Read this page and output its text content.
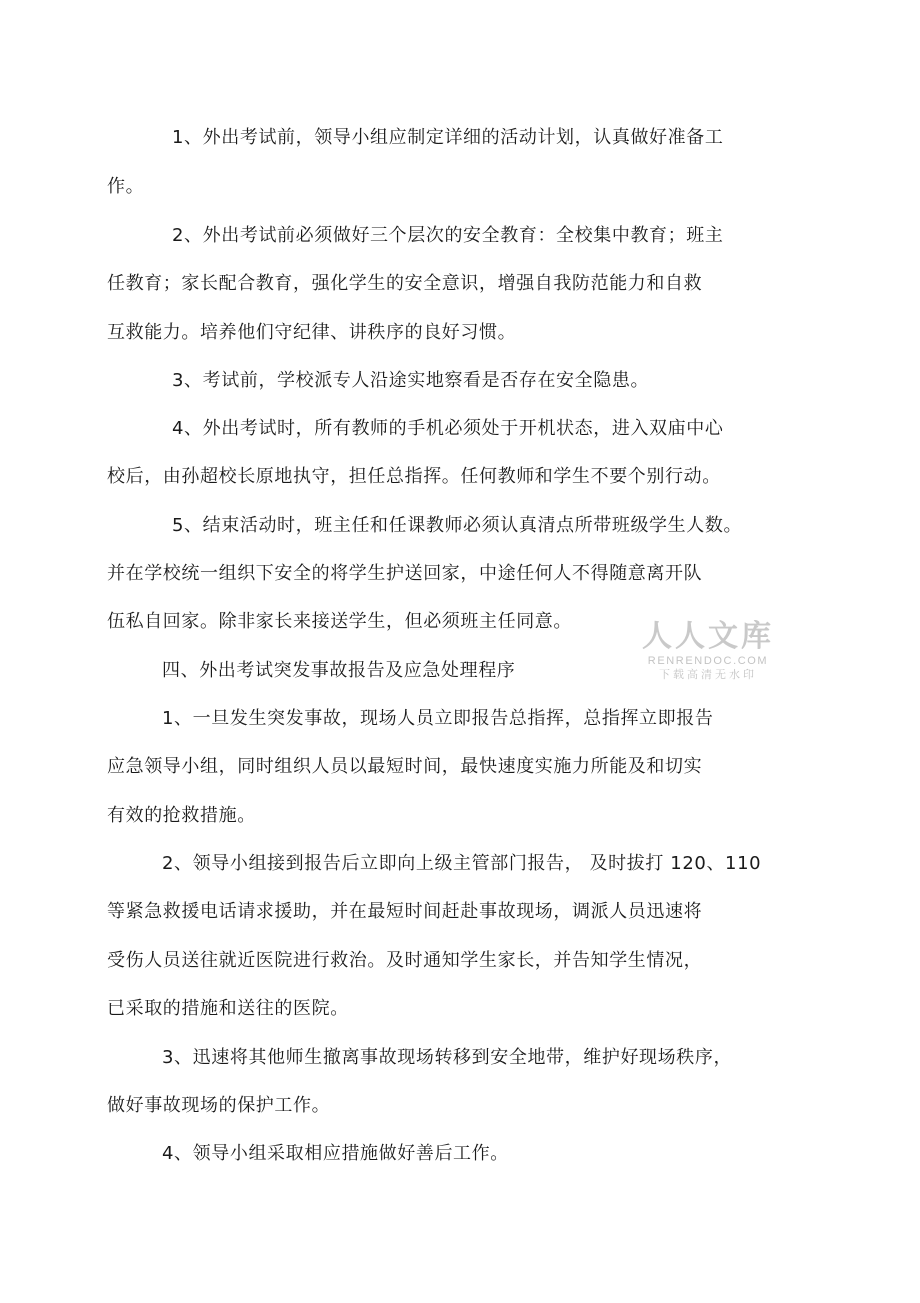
1、外出考试前，领导小组应制定详细的活动计划，认真做好准备工
作。
2、外出考试前必须做好三个层次的安全教育：全校集中教育；班主
任教育；家长配合教育，强化学生的安全意识，增强自我防范能力和自救
互救能力。培养他们守纪律、讲秩序的良好习惯。
3、考试前，学校派专人沿途实地察看是否存在安全隐患。
4、外出考试时，所有教师的手机必须处于开机状态，进入双庙中心
校后，由孙超校长原地执守，担任总指挥。任何教师和学生不要个别行动。
5、结束活动时，班主任和任课教师必须认真清点所带班级学生人数。
并在学校统一组织下安全的将学生护送回家，中途任何人不得随意离开队
伍私自回家。除非家长来接送学生，但必须班主任同意。
四、外出考试突发事故报告及应急处理程序
1、一旦发生突发事故，现场人员立即报告总指挥，总指挥立即报告
应急领导小组，同时组织人员以最短时间，最快速度实施力所能及和切实
有效的抢救措施。
2、领导小组接到报告后立即向上级主管部门报告， 及时拔打 120、110
等紧急救援电话请求援助，并在最短时间赶赴事故现场，调派人员迅速将
受伤人员送往就近医院进行救治。及时通知学生家长，并告知学生情况，
已采取的措施和送往的医院。
3、迅速将其他师生撤离事故现场转移到安全地带，维护好现场秩序，
做好事故现场的保护工作。
4、领导小组采取相应措施做好善后工作。
人人文库
RENRENDOC.COM
下载高清无水印
